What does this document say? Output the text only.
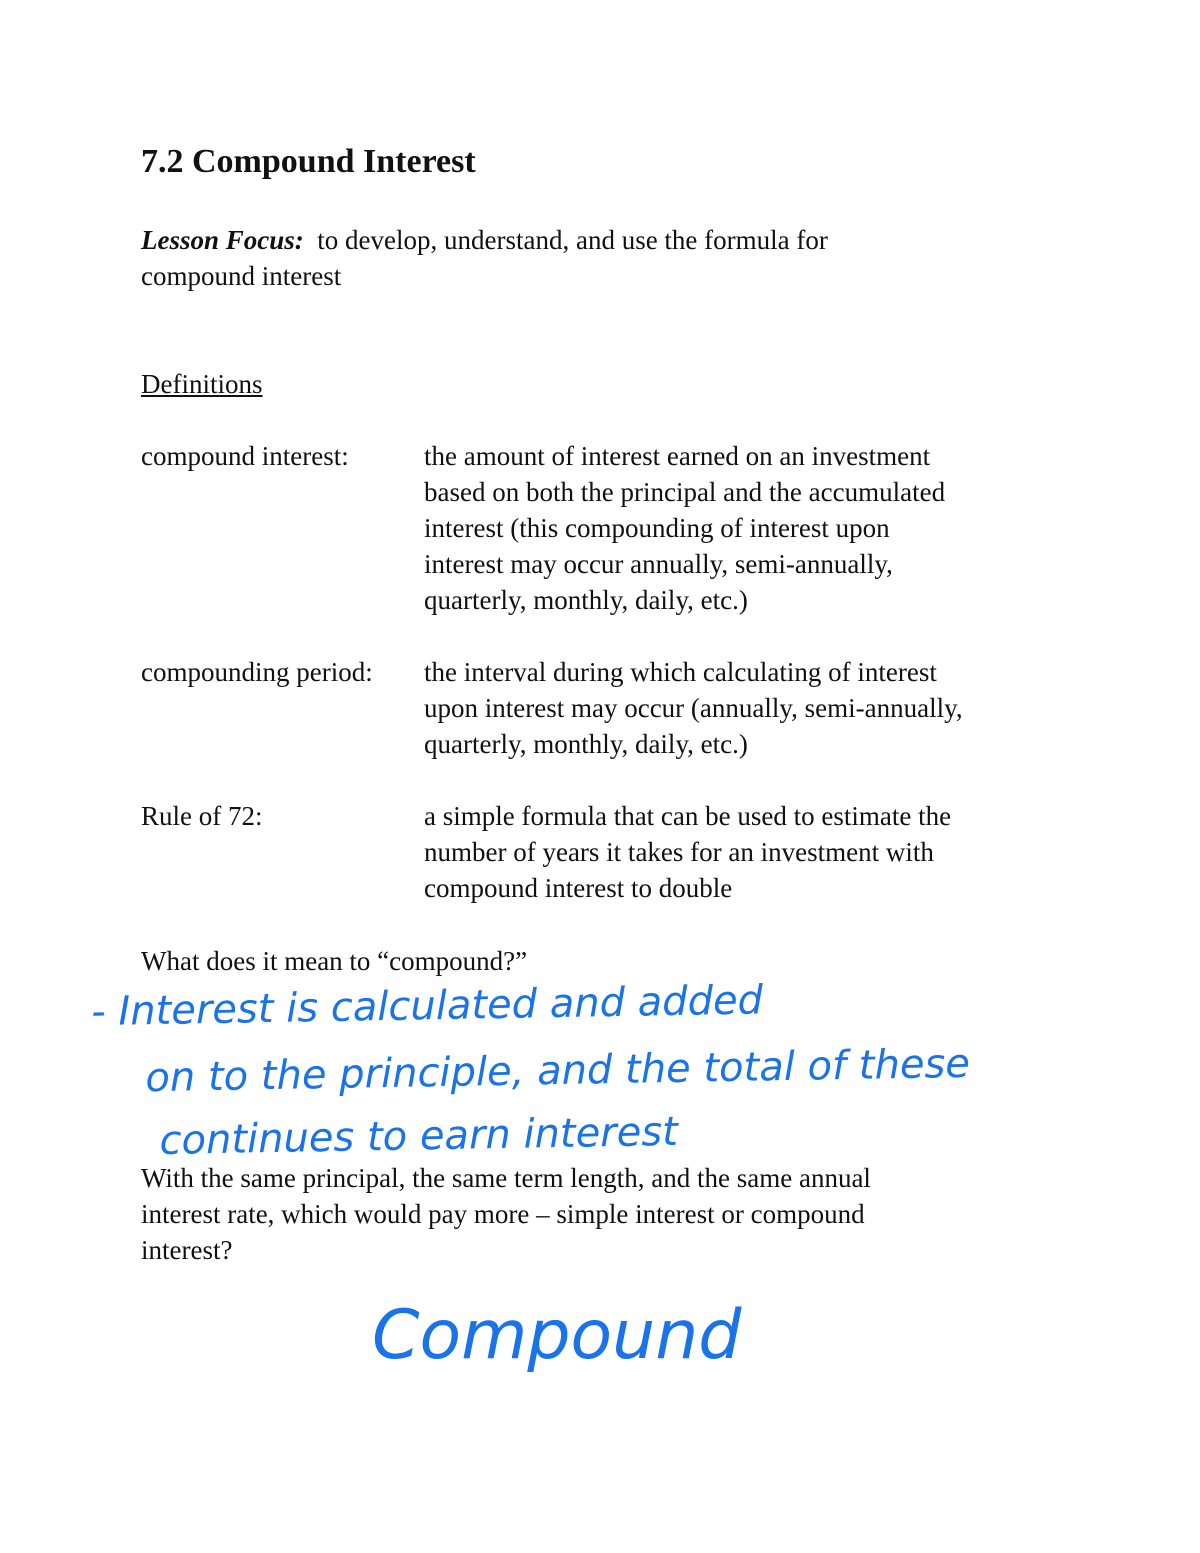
7.2 Compound Interest
Lesson Focus: to develop, understand, and use the formula for
compound interest
Definitions
compound interest:	the amount of interest earned on an investment
based on both the principal and the accumulated
interest (this compounding of interest upon
interest may occur annually, semi-annually,
quarterly, monthly, daily, etc.)
compounding period:	the interval during which calculating of interest
upon interest may occur (annually, semi-annually,
quarterly, monthly, daily, etc.)
Rule of 72:	a simple formula that can be used to estimate the
number of years it takes for an investment with
compound interest to double
What does it mean to “compound?”
- Interest is calculated and added
on to the principle, and the total of these
continues to earn interest
With the same principal, the same term length, and the same annual
interest rate, which would pay more – simple interest or compound
interest?
Compound
